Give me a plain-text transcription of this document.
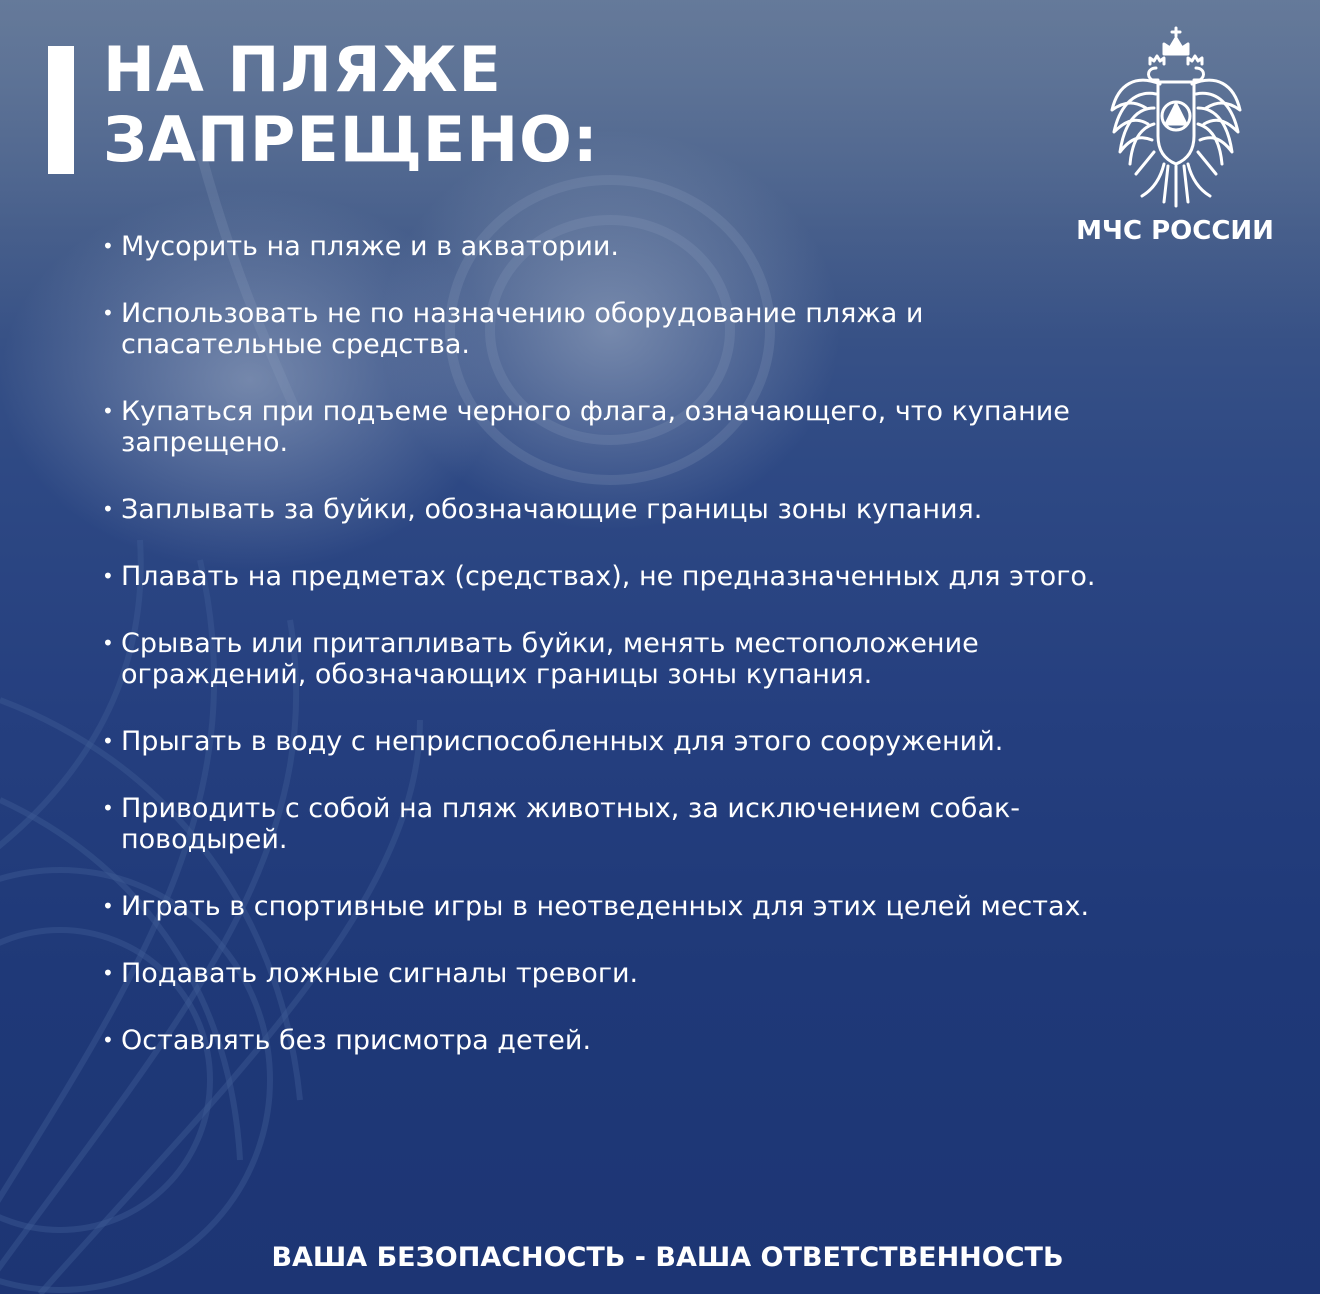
НА ПЛЯЖЕ
ЗАПРЕЩЕНО:
МЧС РОССИИ
• Мусорить на пляже и в акватории.
• Использовать не по назначению оборудование пляжа и спасательные средства.
• Купаться при подъеме черного флага, означающего, что купание запрещено.
• Заплывать за буйки, обозначающие границы зоны купания.
• Плавать на предметах (средствах), не предназначенных для этого.
• Срывать или притапливать буйки, менять местоположение ограждений, обозначающих границы зоны купания.
• Прыгать в воду с неприспособленных для этого сооружений.
• Приводить с собой на пляж животных, за исключением собак-поводырей.
• Играть в спортивные игры в неотведенных для этих целей местах.
• Подавать ложные сигналы тревоги.
• Оставлять без присмотра детей.
ВАША БЕЗОПАСНОСТЬ - ВАША ОТВЕТСТВЕННОСТЬ
